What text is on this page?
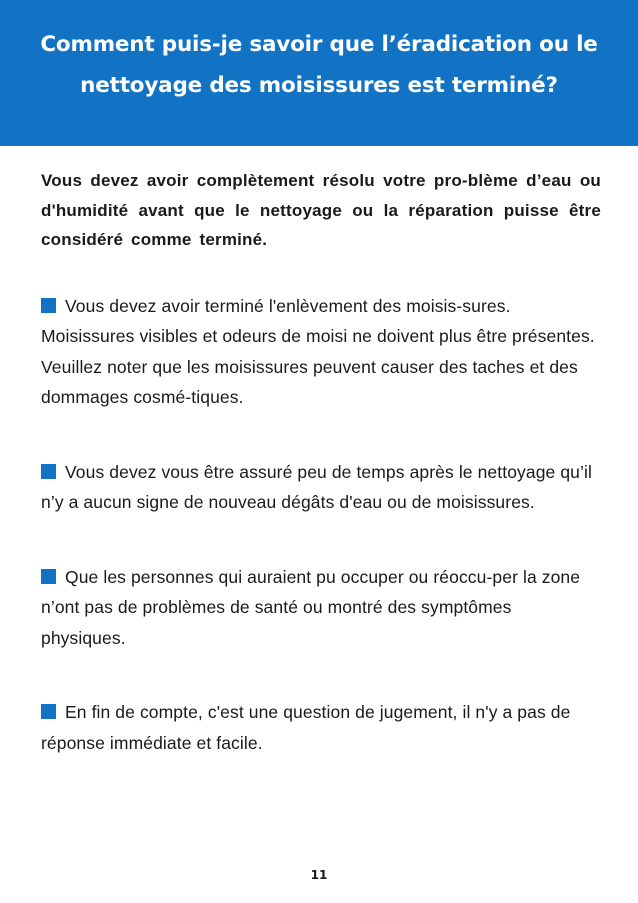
Comment puis-je savoir que l’éradication ou le nettoyage des moisissures est terminé?

Vous devez avoir complètement résolu votre pro-blème d’eau ou d'humidité avant que le nettoyage ou la réparation puisse être considéré comme terminé.

Vous devez avoir terminé l'enlèvement des moisis-sures. Moisissures visibles et odeurs de moisi ne doivent plus être présentes. Veuillez noter que les moisissures peuvent causer des taches et des dommages cosmé-tiques.
Vous devez vous être assuré peu de temps après le nettoyage qu’il n’y a aucun signe de nouveau dégâts d'eau ou de moisissures.
Que les personnes qui auraient pu occuper ou réoccu-per la zone n’ont pas de problèmes de santé ou montré des symptômes physiques.
En fin de compte, c'est une question de jugement, il n'y a pas de réponse immédiate et facile.
11
